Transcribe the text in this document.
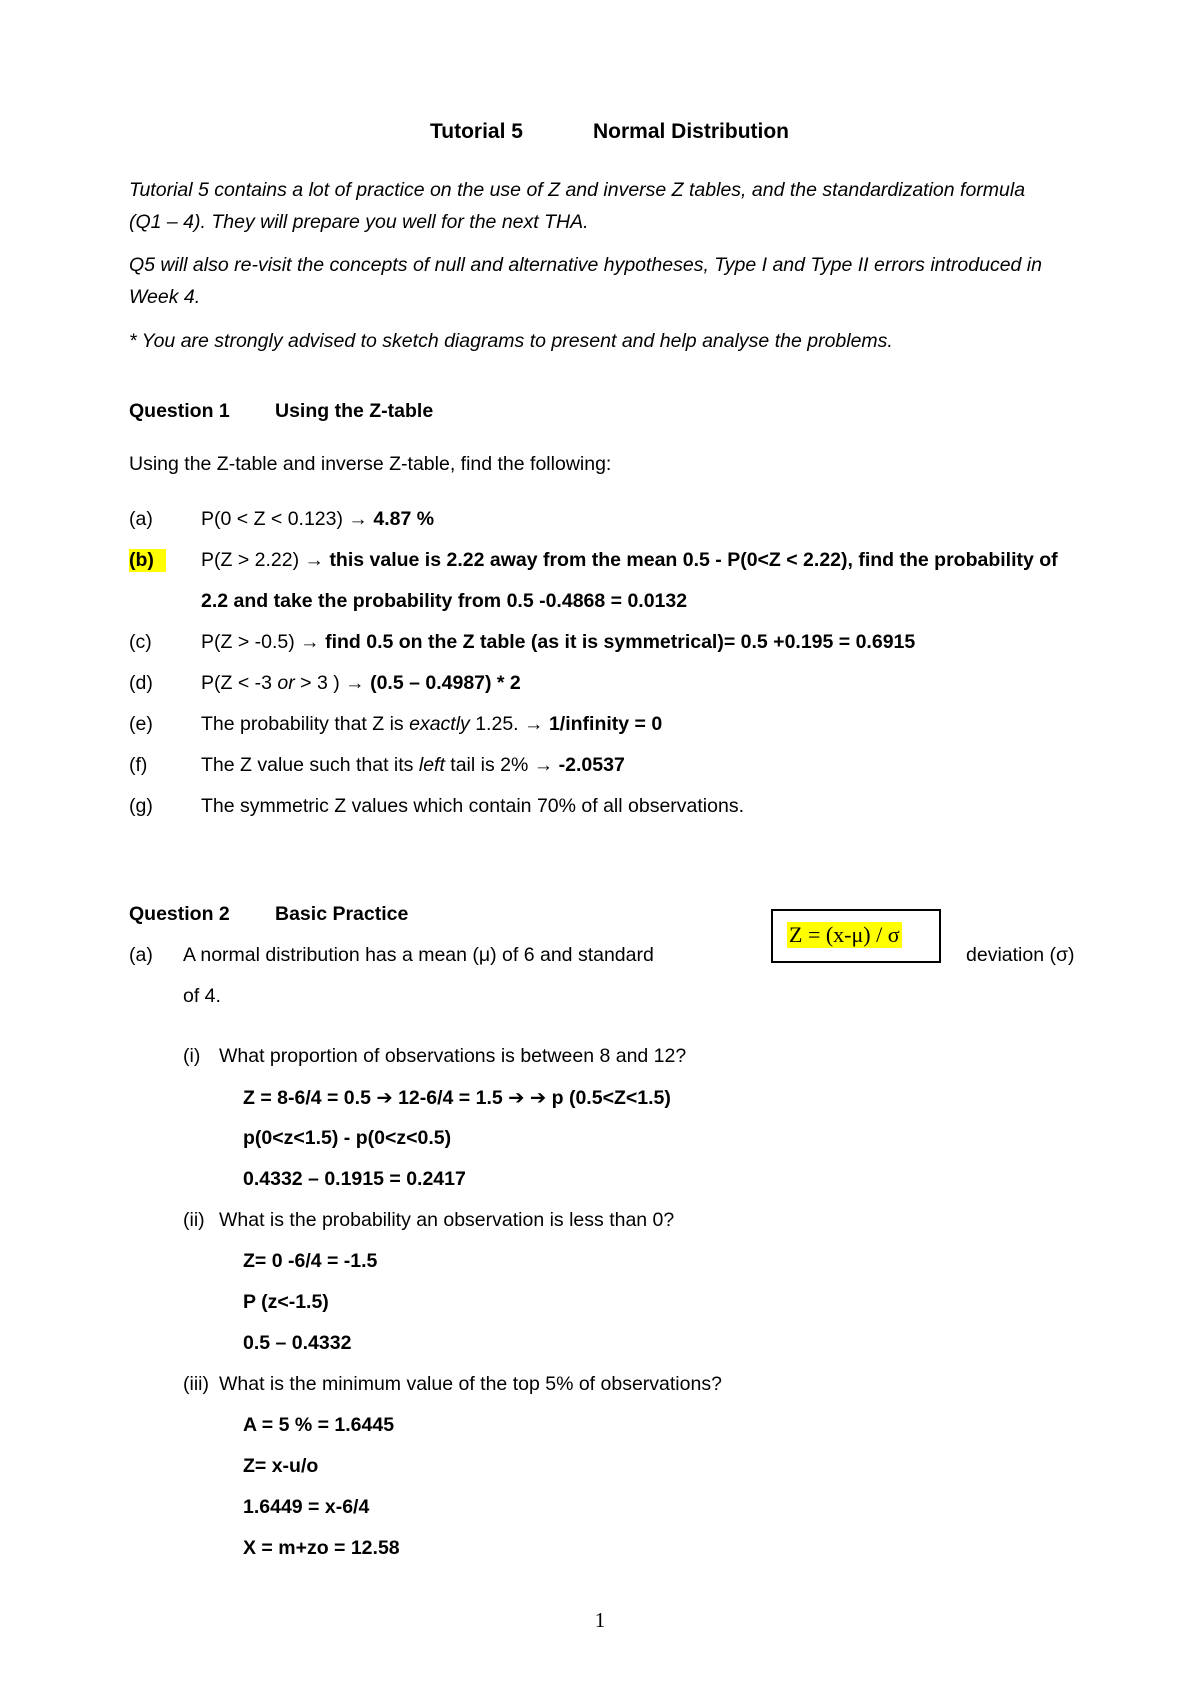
Tutorial 5	Normal Distribution
Tutorial 5 contains a lot of practice on the use of Z and inverse Z tables, and the standardization formula
(Q1 – 4). They will prepare you well for the next THA.
Q5 will also re-visit the concepts of null and alternative hypotheses, Type I and Type II errors introduced in
Week 4.
* You are strongly advised to sketch diagrams to present and help analyse the problems.
Question 1 Using the Z-table
Using the Z-table and inverse Z-table, find the following:
(a) P(0 < Z < 0.123) → 4.87 %
(b)	P(Z > 2.22) → this value is 2.22 away from the mean 0.5 - P(0<Z < 2.22), find the probability of
2.2 and take the probability from 0.5 -0.4868 = 0.0132
(c)	P(Z > -0.5) → find 0.5 on the Z table (as it is symmetrical)= 0.5 +0.195 = 0.6915
(d) P(Z < -3 or > 3 ) → (0.5 – 0.4987) * 2
(e) The probability that Z is exactly 1.25. → 1/infinity = 0
(f)	The Z value such that its left tail is 2% → -2.0537
(g) The symmetric Z values which contain 70% of all observations.
Question 2 Basic Practice
Z = (x-μ) / σ
(a) A normal distribution has a mean (μ) of 6 and standard	deviation (σ)
of 4.
(i) What proportion of observations is between 8 and 12?
Z = 8-6/4 = 0.5 ➔ 12-6/4 = 1.5 ➔ ➔ p (0.5<Z<1.5)
p(0<z<1.5) - p(0<z<0.5)
0.4332 – 0.1915 = 0.2417
(ii) What is the probability an observation is less than 0?
Z= 0 -6/4 = -1.5
P (z<-1.5)
0.5 – 0.4332
(iii) What is the minimum value of the top 5% of observations?
A = 5 % = 1.6445
Z= x-u/o
1.6449 = x-6/4
X = m+zo = 12.58
1
